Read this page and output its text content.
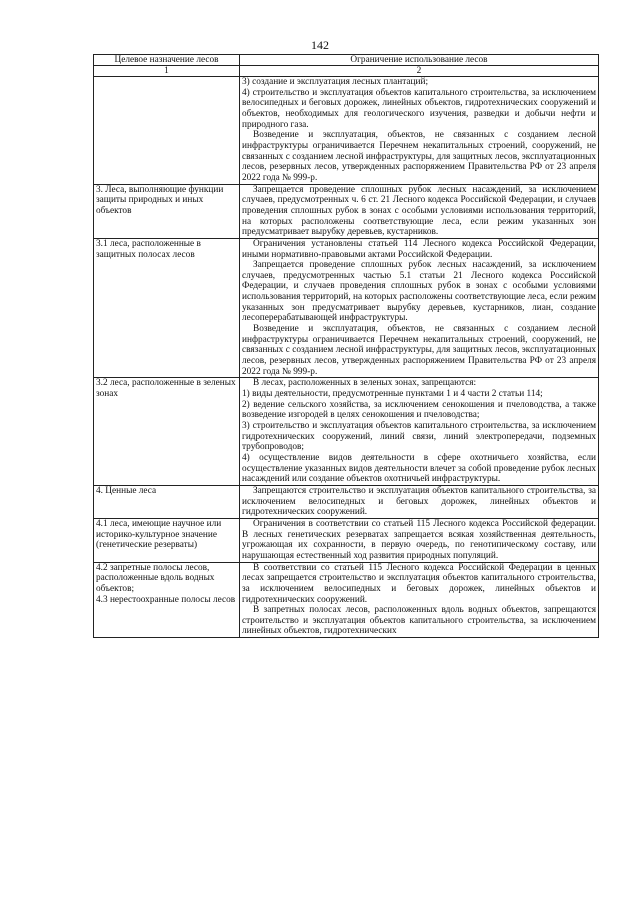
142
Целевое назначение лесов	Ограничение использование лесов
1	2

	3) создание и эксплуатация лесных плантаций;
4) строительство и эксплуатация объектов капитального строительства, за исключением велосипедных и беговых дорожек, линейных объектов, гидротехнических сооружений и объектов, необходимых для геологического изучения, разведки и добычи нефти и природного газа.
Возведение и эксплуатация, объектов, не связанных с созданием лесной инфраструктуры ограничивается Перечнем некапитальных строений, сооружений, не связанных с созданием лесной инфраструктуры, для защитных лесов, эксплуатационных лесов, резервных лесов, утвержденных распоряжением Правительства РФ от 23 апреля 2022 года № 999-р.

3. Леса, выполняющие функции защиты природных и иных объектов	Запрещается проведение сплошных рубок лесных насаждений, за исключением случаев, предусмотренных ч. 6 ст. 21 Лесного кодекса Российской Федерации, и случаев проведения сплошных рубок в зонах с особыми условиями использования территорий, на которых расположены соответствующие леса, если режим указанных зон предусматривает вырубку деревьев, кустарников.

3.1 леса, расположенные в защитных полосах лесов	Ограничения установлены статьей 114 Лесного кодекса Российской Федерации, иными нормативно-правовыми актами Российской Федерации.
Запрещается проведение сплошных рубок лесных насаждений, за исключением случаев, предусмотренных частью 5.1 статьи 21 Лесного кодекса Российской Федерации, и случаев проведения сплошных рубок в зонах с особыми условиями использования территорий, на которых расположены соответствующие леса, если режим указанных зон предусматривает вырубку деревьев, кустарников, лиан, создание лесоперерабатывающей инфраструктуры.
Возведение и эксплуатация, объектов, не связанных с созданием лесной инфраструктуры ограничивается Перечнем некапитальных строений, сооружений, не связанных с созданием лесной инфраструктуры, для защитных лесов, эксплуатационных лесов, резервных лесов, утвержденных распоряжением Правительства РФ от 23 апреля 2022 года № 999-р.

3.2 леса, расположенные в зеленых зонах	В лесах, расположенных в зеленых зонах, запрещаются:
1) виды деятельности, предусмотренные пунктами 1 и 4 части 2 статьи 114;
2) ведение сельского хозяйства, за исключением сенокошения и пчеловодства, а также возведение изгородей в целях сенокошения и пчеловодства;
3) строительство и эксплуатация объектов капитального строительства, за исключением гидротехнических сооружений, линий связи, линий электропередачи, подземных трубопроводов;
4) осуществление видов деятельности в сфере охотничьего хозяйства, если осуществление указанных видов деятельности влечет за собой проведение рубок лесных насаждений или создание объектов охотничьей инфраструктуры.

4. Ценные леса	Запрещаются строительство и эксплуатация объектов капитального строительства, за исключением велосипедных и беговых дорожек, линейных объектов и гидротехнических сооружений.

4.1 леса, имеющие научное или историко-культурное значение (генетические резерваты)	Ограничения в соответствии со статьей 115 Лесного кодекса Российской федерации. В лесных генетических резерватах запрещается всякая хозяйственная деятельность, угрожающая их сохранности, в первую очередь, по генотипическому составу, или нарушающая естественный ход развития природных популяций.

4.2 запретные полосы лесов, расположенные вдоль водных объектов;
4.3 нерестоохранные полосы лесов	В соответствии со статьей 115 Лесного кодекса Российской Федерации в ценных лесах запрещается строительство и эксплуатация объектов капитального строительства, за исключением велосипедных и беговых дорожек, линейных объектов и гидротехнических сооружений.
В запретных полосах лесов, расположенных вдоль водных объектов, запрещаются строительство и эксплуатация объектов капитального строительства, за исключением линейных объектов, гидротехнических
